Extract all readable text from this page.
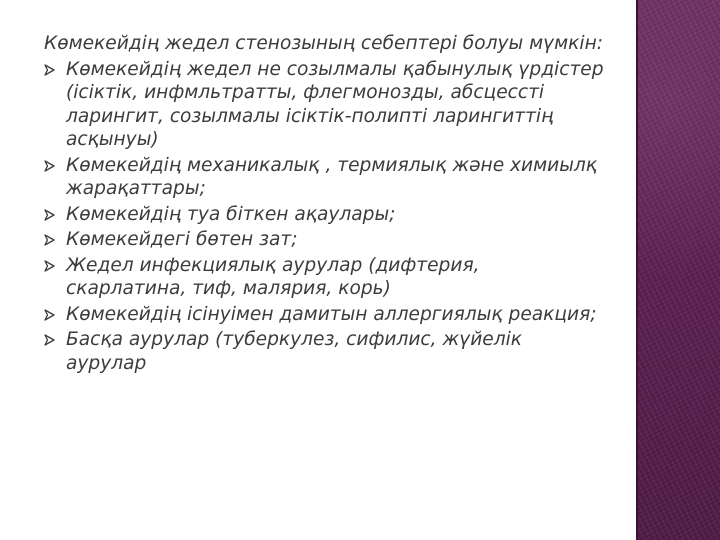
Көмекейдің жедел стенозының себептері болуы мүмкін:

Көмекейдің жедел не созылмалы қабынулық үрдістер (ісіктік, инфмльтратты, флегмонозды, абсцессті ларингит, созылмалы ісіктік-полипті ларингиттің асқынуы)
Көмекейдің механикалық , термиялық және химиылқ жарақаттары;
Көмекейдің туа біткен ақаулары;
Көмекейдегі бөтен зат;
Жедел инфекциялық аурулар (дифтерия, скарлатина, тиф, малярия, корь)
Көмекейдің ісінуімен дамитын аллергиялық реакция;
Басқа аурулар (туберкулез, сифилис, жүйелік аурулар
